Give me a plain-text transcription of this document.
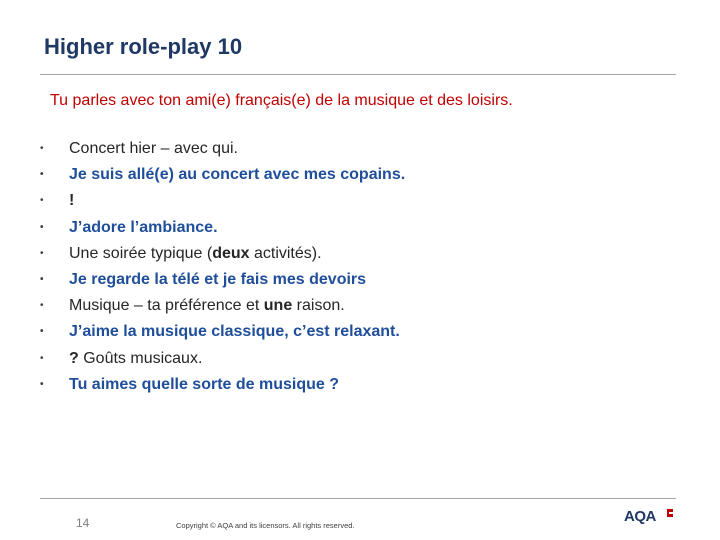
Higher role-play 10
Tu parles avec ton ami(e) français(e) de la musique et des loisirs.
• Concert hier – avec qui.
• Je suis allé(e) au concert avec mes copains.
• !
• J’adore l’ambiance.
• Une soirée typique (deux activités).
• Je regarde la télé et je fais mes devoirs
• Musique – ta préférence et une raison.
• J’aime la musique classique, c’est relaxant.
• ? Goûts musicaux.
• Tu aimes quelle sorte de musique ?
14	Copyright © AQA and its licensors. All rights reserved.
AQA
